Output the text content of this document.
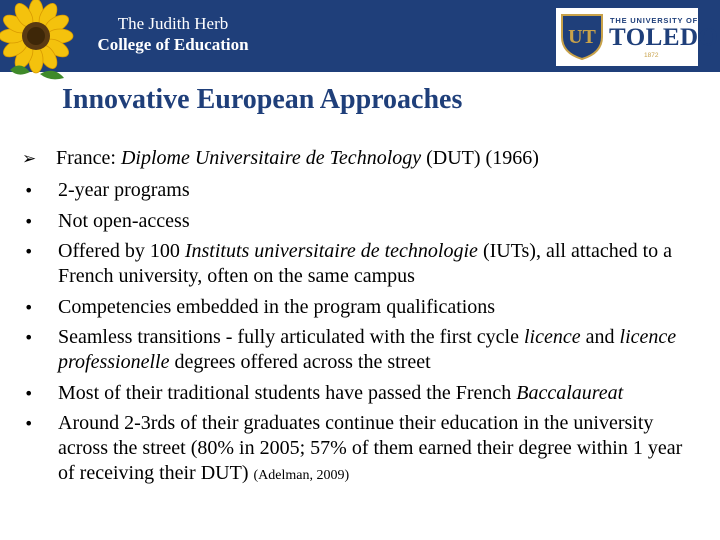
The Judith Herb
College of Education	UT
THE UNIVERSITY OF
TOLEDO
1872
Innovative European Approaches
➢ France: Diplome Universitaire de Technology (DUT) (1966)
• 2-year programs
• Not open-access
• Offered by 100 Instituts universitaire de technologie (IUTs), all attached to a French university, often on the same campus
• Competencies embedded in the program qualifications
• Seamless transitions - fully articulated with the first cycle licence and licence professionelle degrees offered across the street
• Most of their traditional students have passed the French Baccalaureat
• Around 2-3rds of their graduates continue their education in the university across the street (80% in 2005; 57% of them earned their degree within 1 year of receiving their DUT) (Adelman, 2009)
